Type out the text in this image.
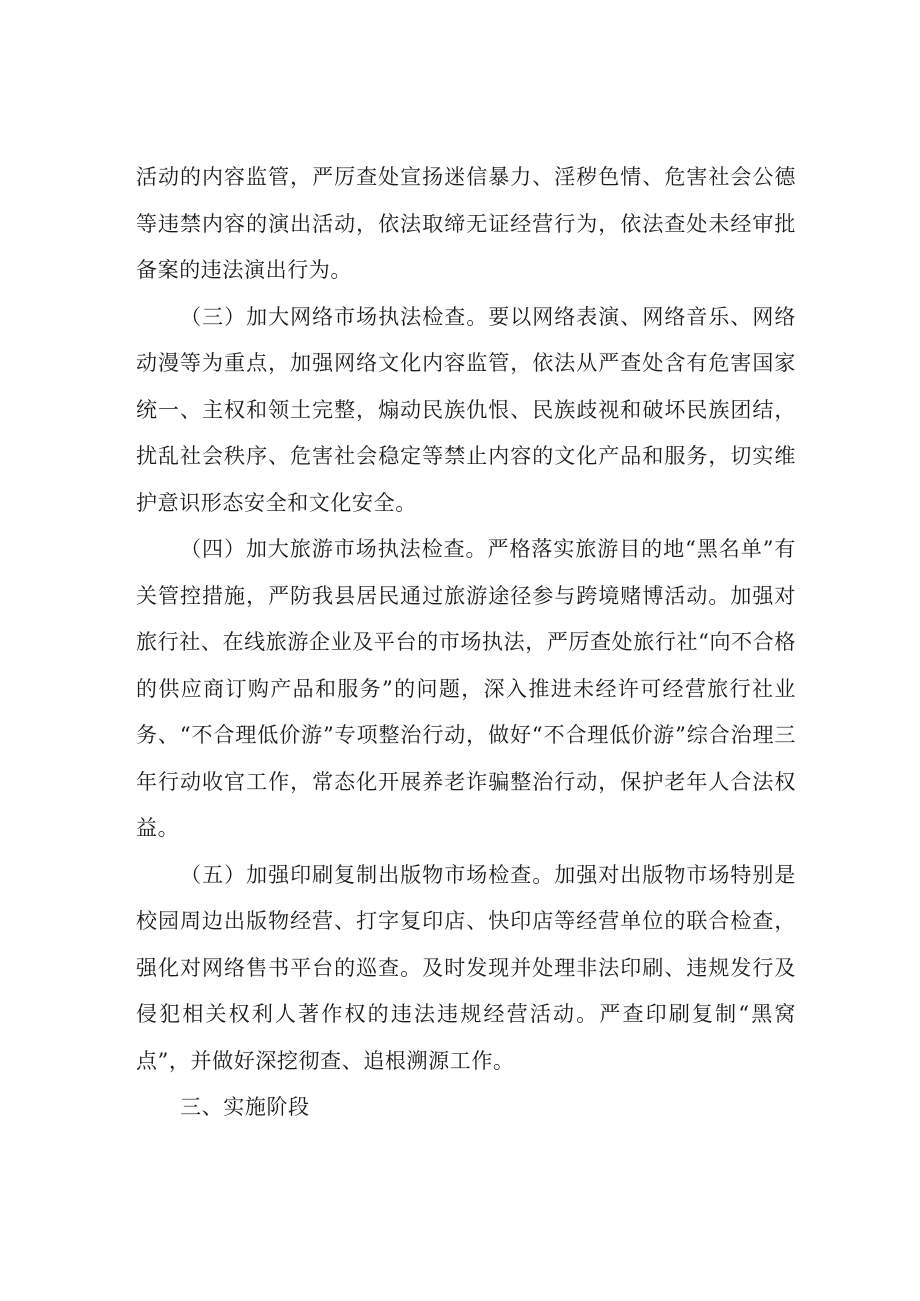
活动的内容监管，严厉查处宣扬迷信暴力、淫秽色情、危害社会公德等违禁内容的演出活动，依法取缔无证经营行为，依法查处未经审批备案的违法演出行为。

（三）加大网络市场执法检查。要以网络表演、网络音乐、网络动漫等为重点，加强网络文化内容监管，依法从严查处含有危害国家统一、主权和领土完整，煽动民族仇恨、民族歧视和破坏民族团结，扰乱社会秩序、危害社会稳定等禁止内容的文化产品和服务，切实维护意识形态安全和文化安全。

（四）加大旅游市场执法检查。严格落实旅游目的地“黑名单”有关管控措施，严防我县居民通过旅游途径参与跨境赌博活动。加强对旅行社、在线旅游企业及平台的市场执法，严厉查处旅行社“向不合格的供应商订购产品和服务”的问题，深入推进未经许可经营旅行社业务、“不合理低价游”专项整治行动，做好“不合理低价游”综合治理三年行动收官工作，常态化开展养老诈骗整治行动，保护老年人合法权益。

（五）加强印刷复制出版物市场检查。加强对出版物市场特别是校园周边出版物经营、打字复印店、快印店等经营单位的联合检查，强化对网络售书平台的巡查。及时发现并处理非法印刷、违规发行及侵犯相关权利人著作权的违法违规经营活动。严查印刷复制“黑窝点”，并做好深挖彻查、追根溯源工作。

三、实施阶段
